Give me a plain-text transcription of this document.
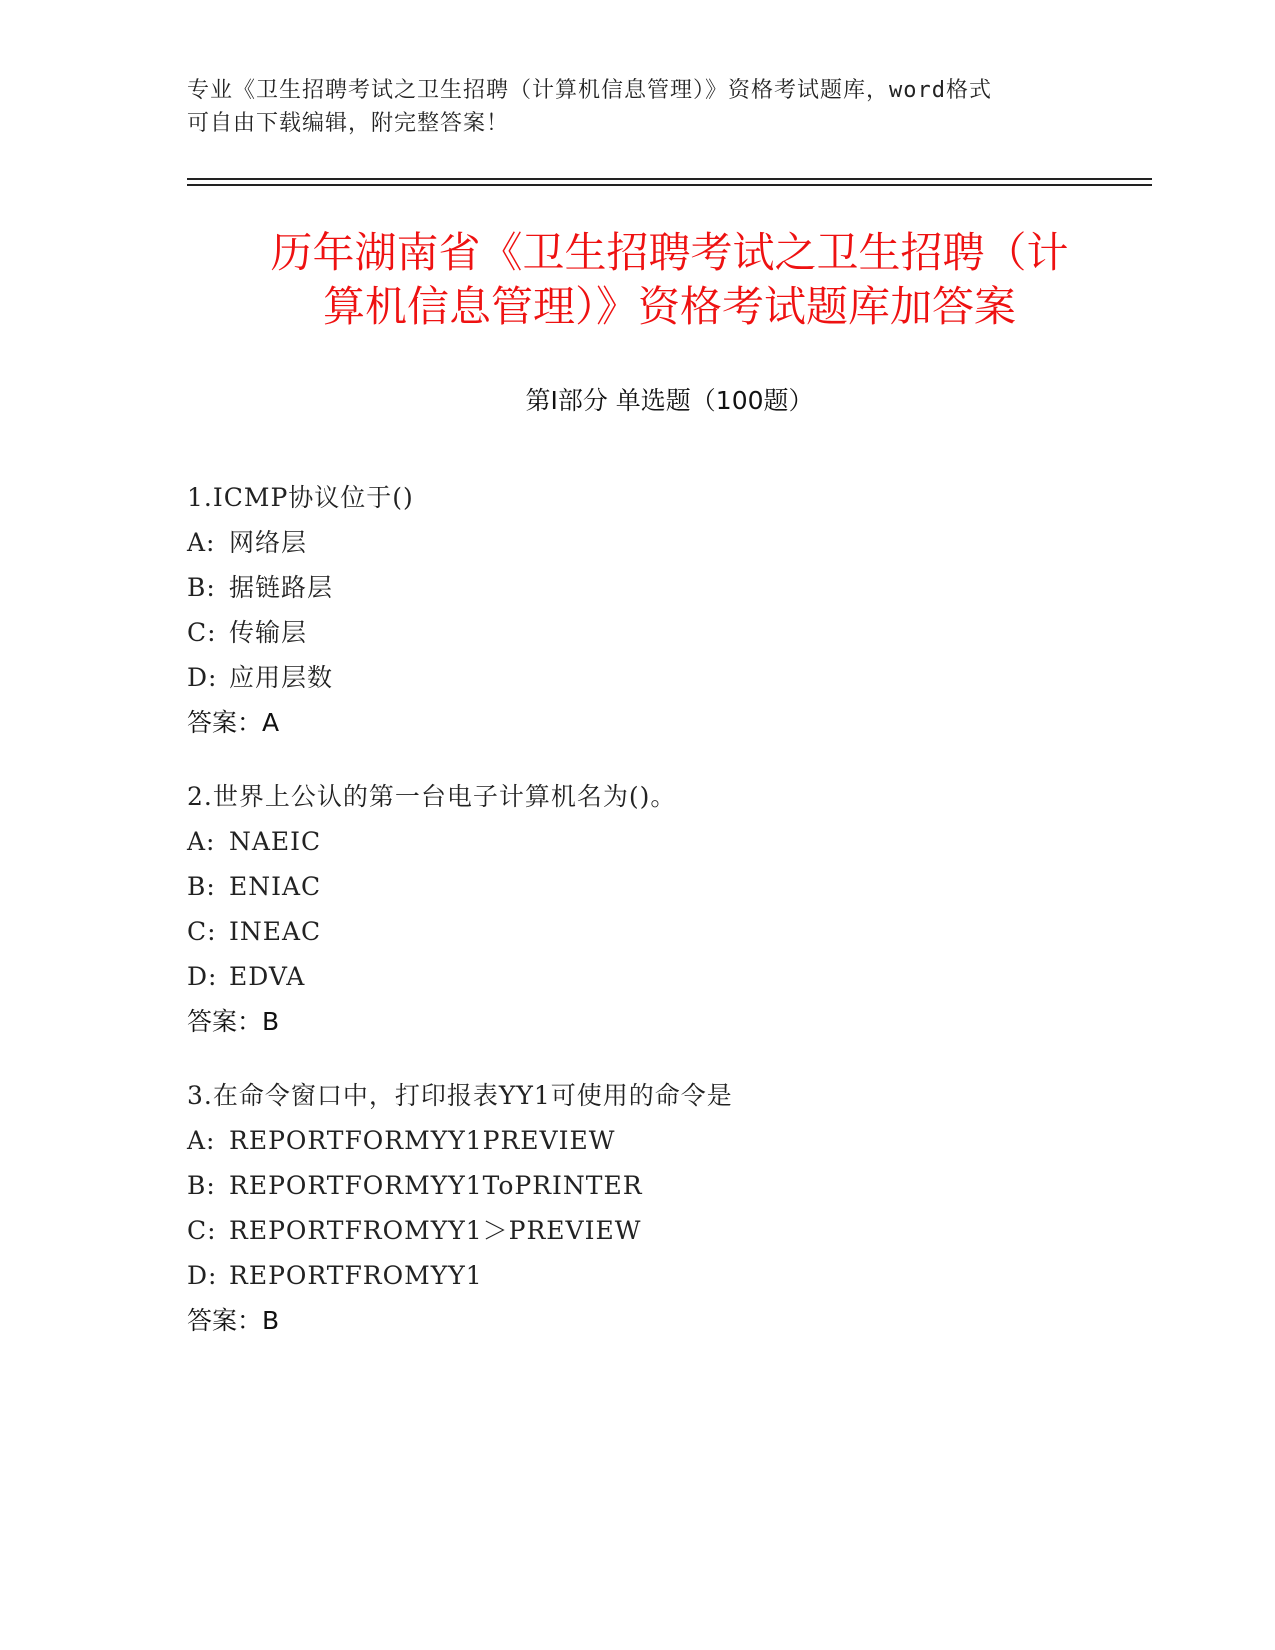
专业《卫生招聘考试之卫生招聘（计算机信息管理）》资格考试题库，word格式
可自由下载编辑，附完整答案！
历年湖南省《卫生招聘考试之卫生招聘（计
算机信息管理）》资格考试题库加答案
第Ⅰ部分 单选题（100题）
1.ICMP协议位于()
A: 网络层
B: 据链路层
C: 传输层
D: 应用层数
答案：A
2.世界上公认的第一台电子计算机名为()。
A: NAEIC
B: ENIAC
C: INEAC
D: EDVA
答案：B
3.在命令窗口中，打印报表YY1可使用的命令是
A: REPORTFORMYY1PREVIEW
B: REPORTFORMYY1ToPRINTER
C: REPORTFROMYY1＞PREVIEW
D: REPORTFROMYY1
答案：B
